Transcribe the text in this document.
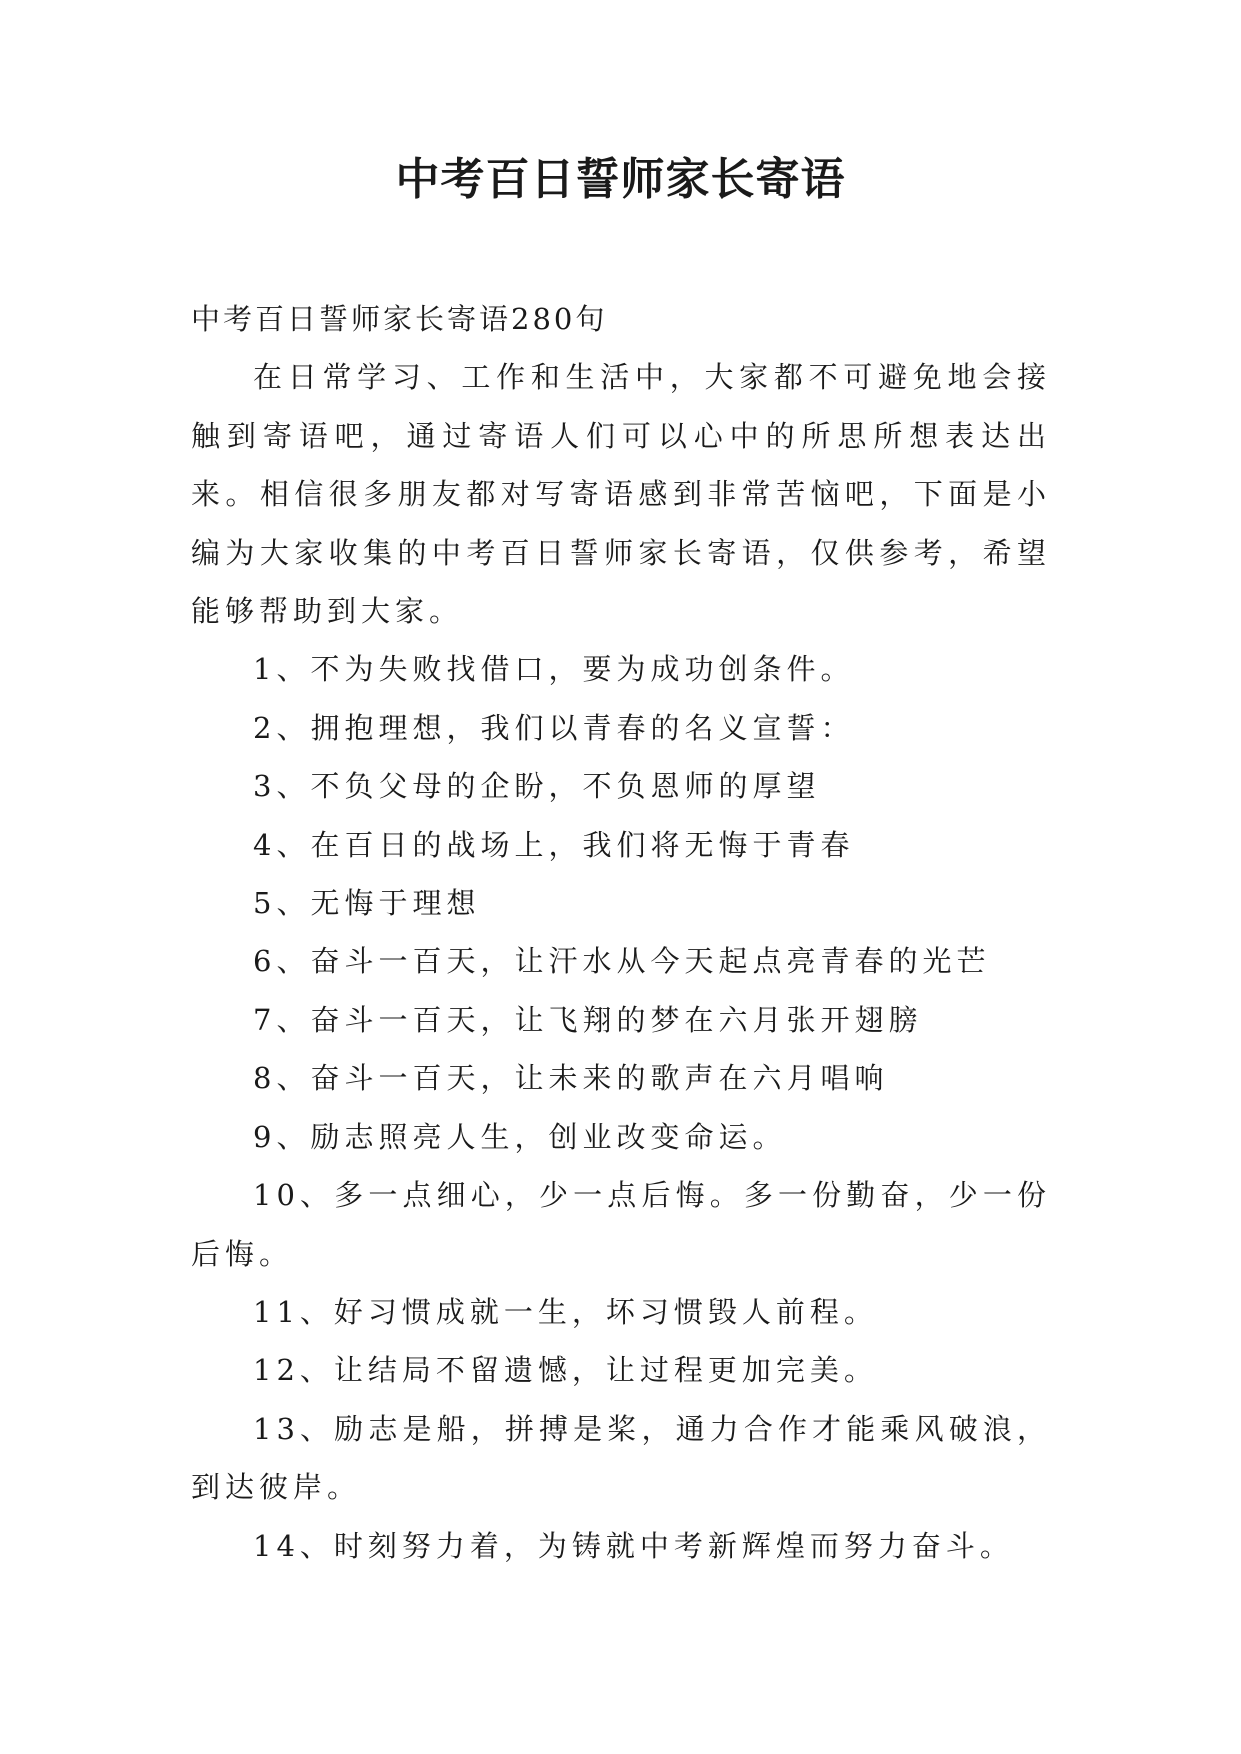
中考百日誓师家长寄语

中考百日誓师家长寄语280句

在日常学习、工作和生活中，大家都不可避免地会接触到寄语吧，通过寄语人们可以心中的所思所想表达出来。相信很多朋友都对写寄语感到非常苦恼吧，下面是小编为大家收集的中考百日誓师家长寄语，仅供参考，希望能够帮助到大家。

1、不为失败找借口，要为成功创条件。

2、拥抱理想，我们以青春的名义宣誓：

3、不负父母的企盼，不负恩师的厚望

4、在百日的战场上，我们将无悔于青春

5、无悔于理想

6、奋斗一百天，让汗水从今天起点亮青春的光芒

7、奋斗一百天，让飞翔的梦在六月张开翅膀

8、奋斗一百天，让未来的歌声在六月唱响

9、励志照亮人生，创业改变命运。

10、多一点细心，少一点后悔。多一份勤奋，少一份后悔。

11、好习惯成就一生，坏习惯毁人前程。

12、让结局不留遗憾，让过程更加完美。

13、励志是船，拼搏是桨，通力合作才能乘风破浪，到达彼岸。

14、时刻努力着，为铸就中考新辉煌而努力奋斗。
